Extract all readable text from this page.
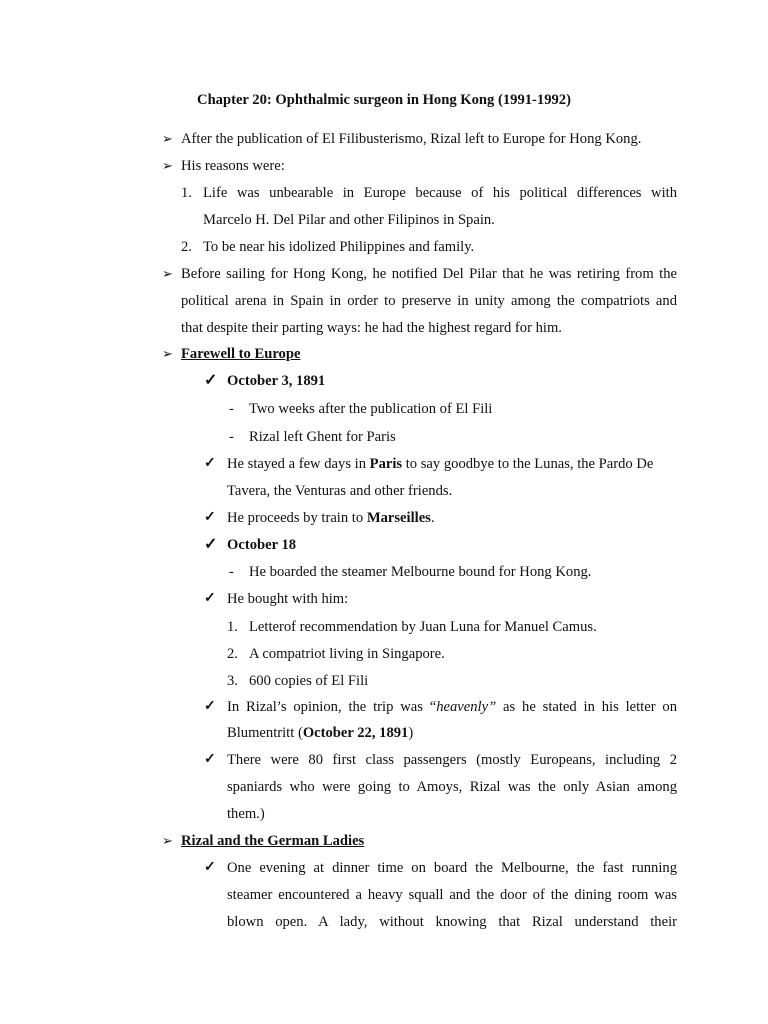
Chapter 20: Ophthalmic surgeon in Hong Kong (1991-1992)
➢ After the publication of El Filibusterismo, Rizal left to Europe for Hong Kong.
➢ His reasons were:
1. Life was unbearable in Europe because of his political differences with
Marcelo H. Del Pilar and other Filipinos in Spain.
2. To be near his idolized Philippines and family.
➢ Before sailing for Hong Kong, he notified Del Pilar that he was retiring from the
political arena in Spain in order to preserve in unity among the compatriots and
that despite their parting ways: he had the highest regard for him.
➢ Farewell to Europe
✓ October 3, 1891
- Two weeks after the publication of El Fili
- Rizal left Ghent for Paris
✓ He stayed a few days in Paris to say goodbye to the Lunas, the Pardo De
Tavera, the Venturas and other friends.
✓ He proceeds by train to Marseilles.
✓ October 18
- He boarded the steamer Melbourne bound for Hong Kong.
✓ He bought with him:
1. Letterof recommendation by Juan Luna for Manuel Camus.
2. A compatriot living in Singapore.
3. 600 copies of El Fili
✓ In Rizal’s opinion, the trip was “heavenly” as he stated in his letter on
Blumentritt (October 22, 1891)
✓ There were 80 first class passengers (mostly Europeans, including 2
spaniards who were going to Amoys, Rizal was the only Asian among
them.)
➢ Rizal and the German Ladies
✓ One evening at dinner time on board the Melbourne, the fast running
steamer encountered a heavy squall and the door of the dining room was
blown open. A lady, without knowing that Rizal understand their
